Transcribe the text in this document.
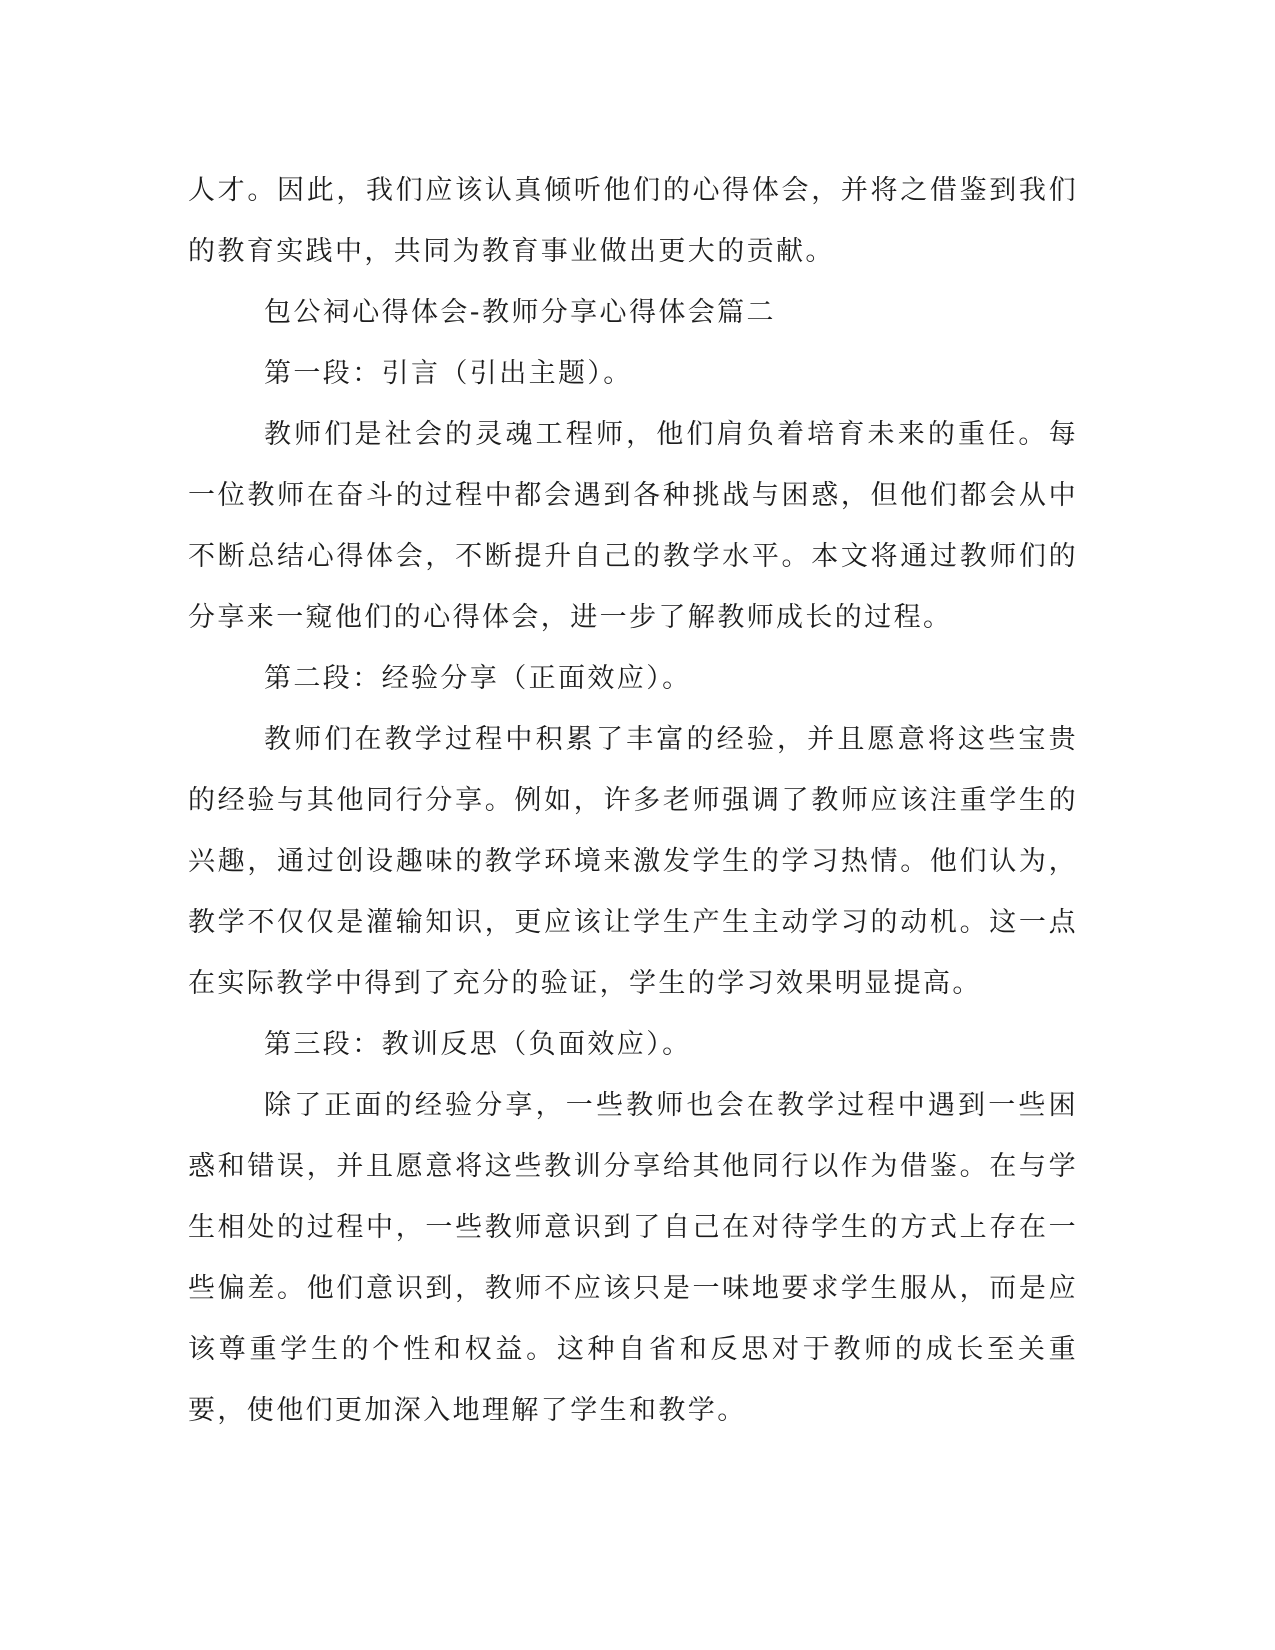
人才。因此，我们应该认真倾听他们的心得体会，并将之借鉴到我们的教育实践中，共同为教育事业做出更大的贡献。

包公祠心得体会-教师分享心得体会篇二

第一段：引言（引出主题）。

教师们是社会的灵魂工程师，他们肩负着培育未来的重任。每一位教师在奋斗的过程中都会遇到各种挑战与困惑，但他们都会从中不断总结心得体会，不断提升自己的教学水平。本文将通过教师们的分享来一窥他们的心得体会，进一步了解教师成长的过程。

第二段：经验分享（正面效应）。

教师们在教学过程中积累了丰富的经验，并且愿意将这些宝贵的经验与其他同行分享。例如，许多老师强调了教师应该注重学生的兴趣，通过创设趣味的教学环境来激发学生的学习热情。他们认为，教学不仅仅是灌输知识，更应该让学生产生主动学习的动机。这一点在实际教学中得到了充分的验证，学生的学习效果明显提高。

第三段：教训反思（负面效应）。

除了正面的经验分享，一些教师也会在教学过程中遇到一些困惑和错误，并且愿意将这些教训分享给其他同行以作为借鉴。在与学生相处的过程中，一些教师意识到了自己在对待学生的方式上存在一些偏差。他们意识到，教师不应该只是一味地要求学生服从，而是应该尊重学生的个性和权益。这种自省和反思对于教师的成长至关重要，使他们更加深入地理解了学生和教学。
